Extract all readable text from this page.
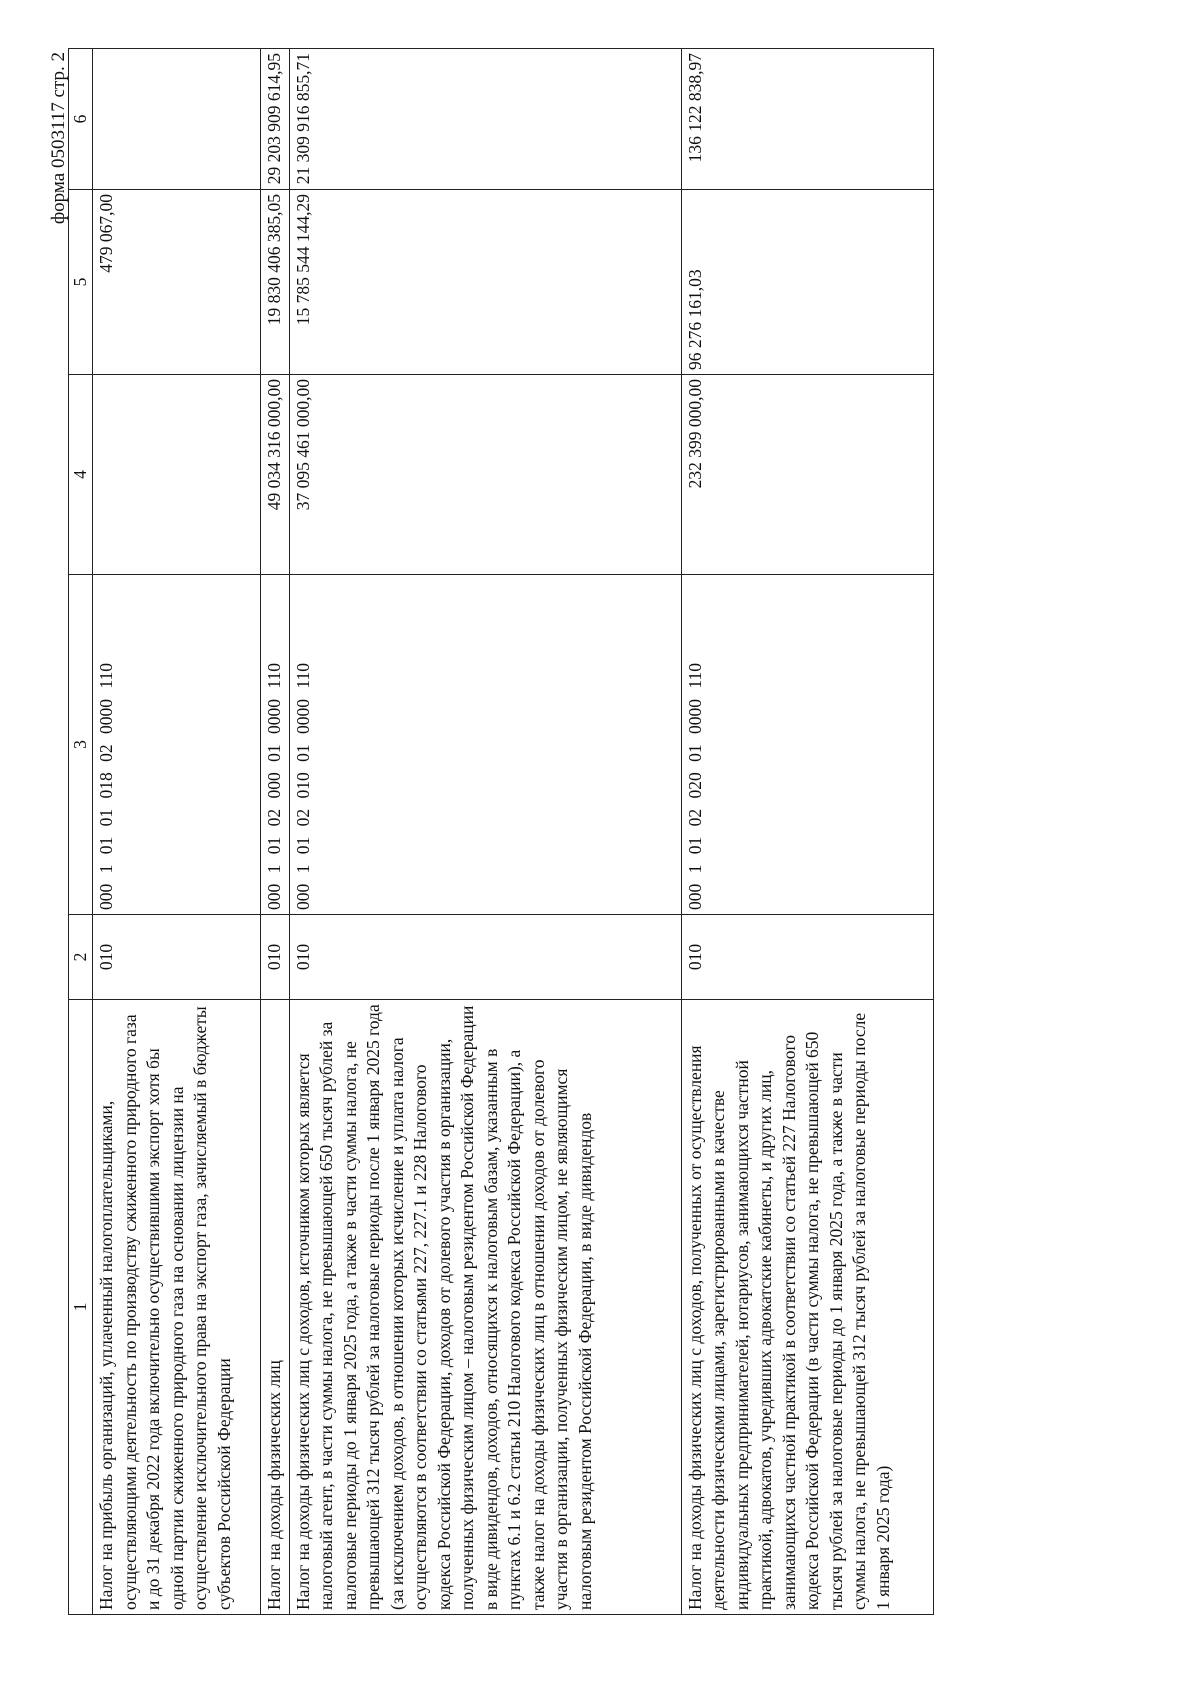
форма 0503117 стр. 2
1	2	3	4	5	6
Налог на прибыль организаций, уплаченный налогоплательщиками, осуществляющими деятельность по производству сжиженного природного газа и до 31 декабря 2022 года включительно осуществившими экспорт хотя бы одной партии сжиженного природного газа на основании лицензии на осуществление исключительного права на экспорт газа, зачисляемый в бюджеты субъектов Российской Федерации	010	000 1 01 01 018 02 0000 110		479 067,00	
Налог на доходы физических лиц	010	000 1 01 02 000 01 0000 110	49 034 316 000,00	19 830 406 385,05	29 203 909 614,95
Налог на доходы физических лиц с доходов, источником которых является налоговый агент, в части суммы налога, не превышающей 650 тысяч рублей за налоговые периоды до 1 января 2025 года, а также в части суммы налога, не превышающей 312 тысяч рублей за налоговые периоды после 1 января 2025 года (за исключением доходов, в отношении которых исчисление и уплата налога осуществляются в соответствии со статьями 227, 227.1 и 228 Налогового кодекса Российской Федерации, доходов от долевого участия в организации, полученных физическим лицом – налоговым резидентом Российской Федерации в виде дивидендов, доходов, относящихся к налоговым базам, указанным в пунктах 6.1 и 6.2 статьи 210 Налогового кодекса Российской Федерации), а также налог на доходы физических лиц в отношении доходов от долевого участия в организации, полученных физическим лицом, не являющимся налоговым резидентом Российской Федерации, в виде дивидендов	010	000 1 01 02 010 01 0000 110	37 095 461 000,00	15 785 544 144,29	21 309 916 855,71
Налог на доходы физических лиц с доходов, полученных от осуществления деятельности физическими лицами, зарегистрированными в качестве индивидуальных предпринимателей, нотариусов, занимающихся частной практикой, адвокатов, учредивших адвокатские кабинеты, и других лиц, занимающихся частной практикой в соответствии со статьей 227 Налогового кодекса Российской Федерации (в части суммы налога, не превышающей 650 тысяч рублей за налоговые периоды до 1 января 2025 года, а также в части суммы налога, не превышающей 312 тысяч рублей за налоговые периоды после 1 января 2025 года)	010	000 1 01 02 020 01 0000 110	232 399 000,00	96 276 161,03	136 122 838,97
